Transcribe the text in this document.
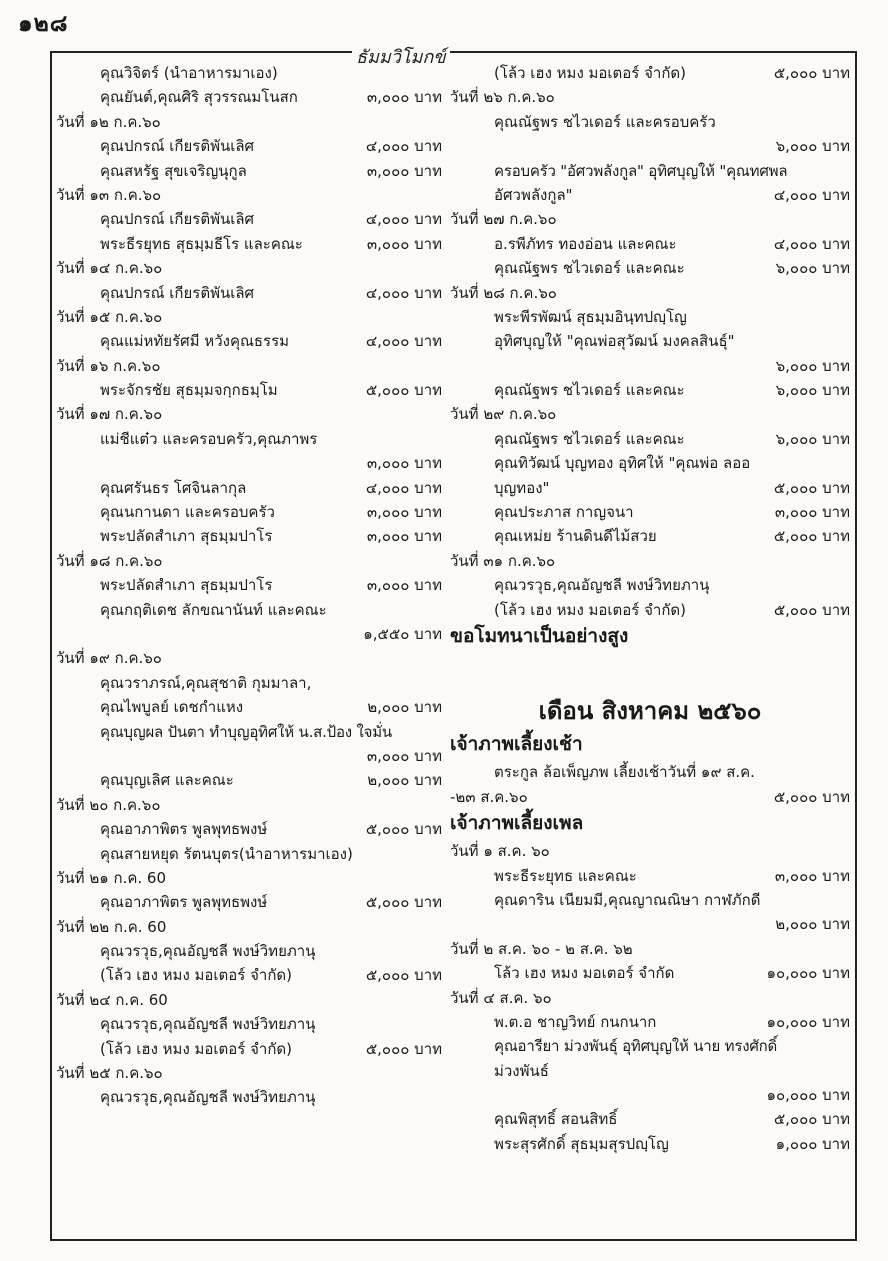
๑๒๘
ธัมมวิโมกข์
คุณวิจิตร์ (นำอาหารมาเอง)
คุณยันต์,คุณศิริ สุวรรณมโนสก	๓,๐๐๐ บาท
วันที่ ๑๒ ก.ค.๖๐
คุณปกรณ์ เกียรติพันเลิศ	๔,๐๐๐ บาท
คุณสหรัฐ สุขเจริญนุกูล	๓,๐๐๐ บาท
วันที่ ๑๓ ก.ค.๖๐
คุณปกรณ์ เกียรติพันเลิศ	๔,๐๐๐ บาท
พระธีรยุทธ สุธมฺมธีโร และคณะ	๓,๐๐๐ บาท
วันที่ ๑๔ ก.ค.๖๐
คุณปกรณ์ เกียรติพันเลิศ	๔,๐๐๐ บาท
วันที่ ๑๕ ก.ค.๖๐
คุณแม่หทัยรัศมี หวังคุณธรรม	๔,๐๐๐ บาท
วันที่ ๑๖ ก.ค.๖๐
พระจักรชัย สุธมฺมจกฺกธมฺโม	๕,๐๐๐ บาท
วันที่ ๑๗ ก.ค.๖๐
แม่ชีแต๋ว และครอบครัว,คุณภาพร
๓,๐๐๐ บาท
คุณศรันธร โศจินลากุล	๔,๐๐๐ บาท
คุณนกานดา และครอบครัว	๓,๐๐๐ บาท
พระปลัดสำเภา สุธมฺมปาโร	๓,๐๐๐ บาท
วันที่ ๑๘ ก.ค.๖๐
พระปลัดสำเภา สุธมฺมปาโร	๓,๐๐๐ บาท
คุณกฤติเดช ลักขณานันท์ และคณะ
๑,๕๕๐ บาท
วันที่ ๑๙ ก.ค.๖๐
คุณวราภรณ์,คุณสุชาติ กุมมาลา,
คุณไพบูลย์ เดชกำแหง	๒,๐๐๐ บาท
คุณบุญผล ปันตา ทำบุญอุทิศให้ น.ส.ป้อง ใจมั่น
๓,๐๐๐ บาท
คุณบุญเลิศ และคณะ	๒,๐๐๐ บาท
วันที่ ๒๐ ก.ค.๖๐
คุณอาภาพิตร พูลพุทธพงษ์	๕,๐๐๐ บาท
คุณสายหยุด รัตนบุตร(นำอาหารมาเอง)
วันที่ ๒๑ ก.ค. 60
คุณอาภาพิตร พูลพุทธพงษ์	๕,๐๐๐ บาท
วันที่ ๒๒ ก.ค. 60
คุณวรวุธ,คุณอัญชลี พงษ์วิทยภานุ
(โล้ว เฮง หมง มอเตอร์ จำกัด)	๕,๐๐๐ บาท
วันที่ ๒๔ ก.ค. 60
คุณวรวุธ,คุณอัญชลี พงษ์วิทยภานุ
(โล้ว เฮง หมง มอเตอร์ จำกัด)	๕,๐๐๐ บาท
วันที่ ๒๕ ก.ค.๖๐
คุณวรวุธ,คุณอัญชลี พงษ์วิทยภานุ
(โล้ว เฮง หมง มอเตอร์ จำกัด)	๕,๐๐๐ บาท
วันที่ ๒๖ ก.ค.๖๐
คุณณัฐพร ชไวเดอร์ และครอบครัว
๖,๐๐๐ บาท
ครอบครัว "อัศวพลังกูล" อุทิศบุญให้ "คุณทศพล
อัศวพลังกูล"	๔,๐๐๐ บาท
วันที่ ๒๗ ก.ค.๖๐
อ.รพีภัทร ทองอ่อน และคณะ	๔,๐๐๐ บาท
คุณณัฐพร ชไวเดอร์ และคณะ	๖,๐๐๐ บาท
วันที่ ๒๘ ก.ค.๖๐
พระพีรพัฒน์ สุธมฺมอินฺทปญฺโญ
อุทิศบุญให้ "คุณพ่อสุวัฒน์ มงคลสินธุ์"
๖,๐๐๐ บาท
คุณณัฐพร ชไวเดอร์ และคณะ	๖,๐๐๐ บาท
วันที่ ๒๙ ก.ค.๖๐
คุณณัฐพร ชไวเดอร์ และคณะ	๖,๐๐๐ บาท
คุณทิวัฒน์ บุญทอง อุทิศให้ "คุณพ่อ ลออ
บุญทอง"	๕,๐๐๐ บาท
คุณประภาส กาญจนา	๓,๐๐๐ บาท
คุณเหม่ย ร้านดินดีไม้สวย	๕,๐๐๐ บาท
วันที่ ๓๑ ก.ค.๖๐
คุณวรวุธ,คุณอัญชลี พงษ์วิทยภานุ
(โล้ว เฮง หมง มอเตอร์ จำกัด)	๕,๐๐๐ บาท
ขอโมทนาเป็นอย่างสูง
เดือน สิงหาคม ๒๕๖๐
เจ้าภาพเลี้ยงเช้า
ตระกูล ล้อเพ็ญภพ เลี้ยงเช้าวันที่ ๑๙ ส.ค.
-๒๓ ส.ค.๖๐	๕,๐๐๐ บาท
เจ้าภาพเลี้ยงเพล
วันที่ ๑ ส.ค. ๖๐
พระธีระยุทธ และคณะ	๓,๐๐๐ บาท
คุณดาริน เนียมมี,คุณญาณณิษา กาฬภักดี
๒,๐๐๐ บาท
วันที่ ๒ ส.ค. ๖๐ - ๒ ส.ค. ๖๒
โล้ว เฮง หมง มอเตอร์ จำกัด	๑๐,๐๐๐ บาท
วันที่ ๔ ส.ค. ๖๐
พ.ต.อ ชาญวิทย์ กนกนาก	๑๐,๐๐๐ บาท
คุณอารียา ม่วงพันธุ์ อุทิศบุญให้ นาย ทรงศักดิ์
ม่วงพันธ์
๑๐,๐๐๐ บาท
คุณพิสุทธิ์ สอนสิทธิ์	๕,๐๐๐ บาท
พระสุรศักดิ์ สุธมฺมสุรปญฺโญ	๑,๐๐๐ บาท
